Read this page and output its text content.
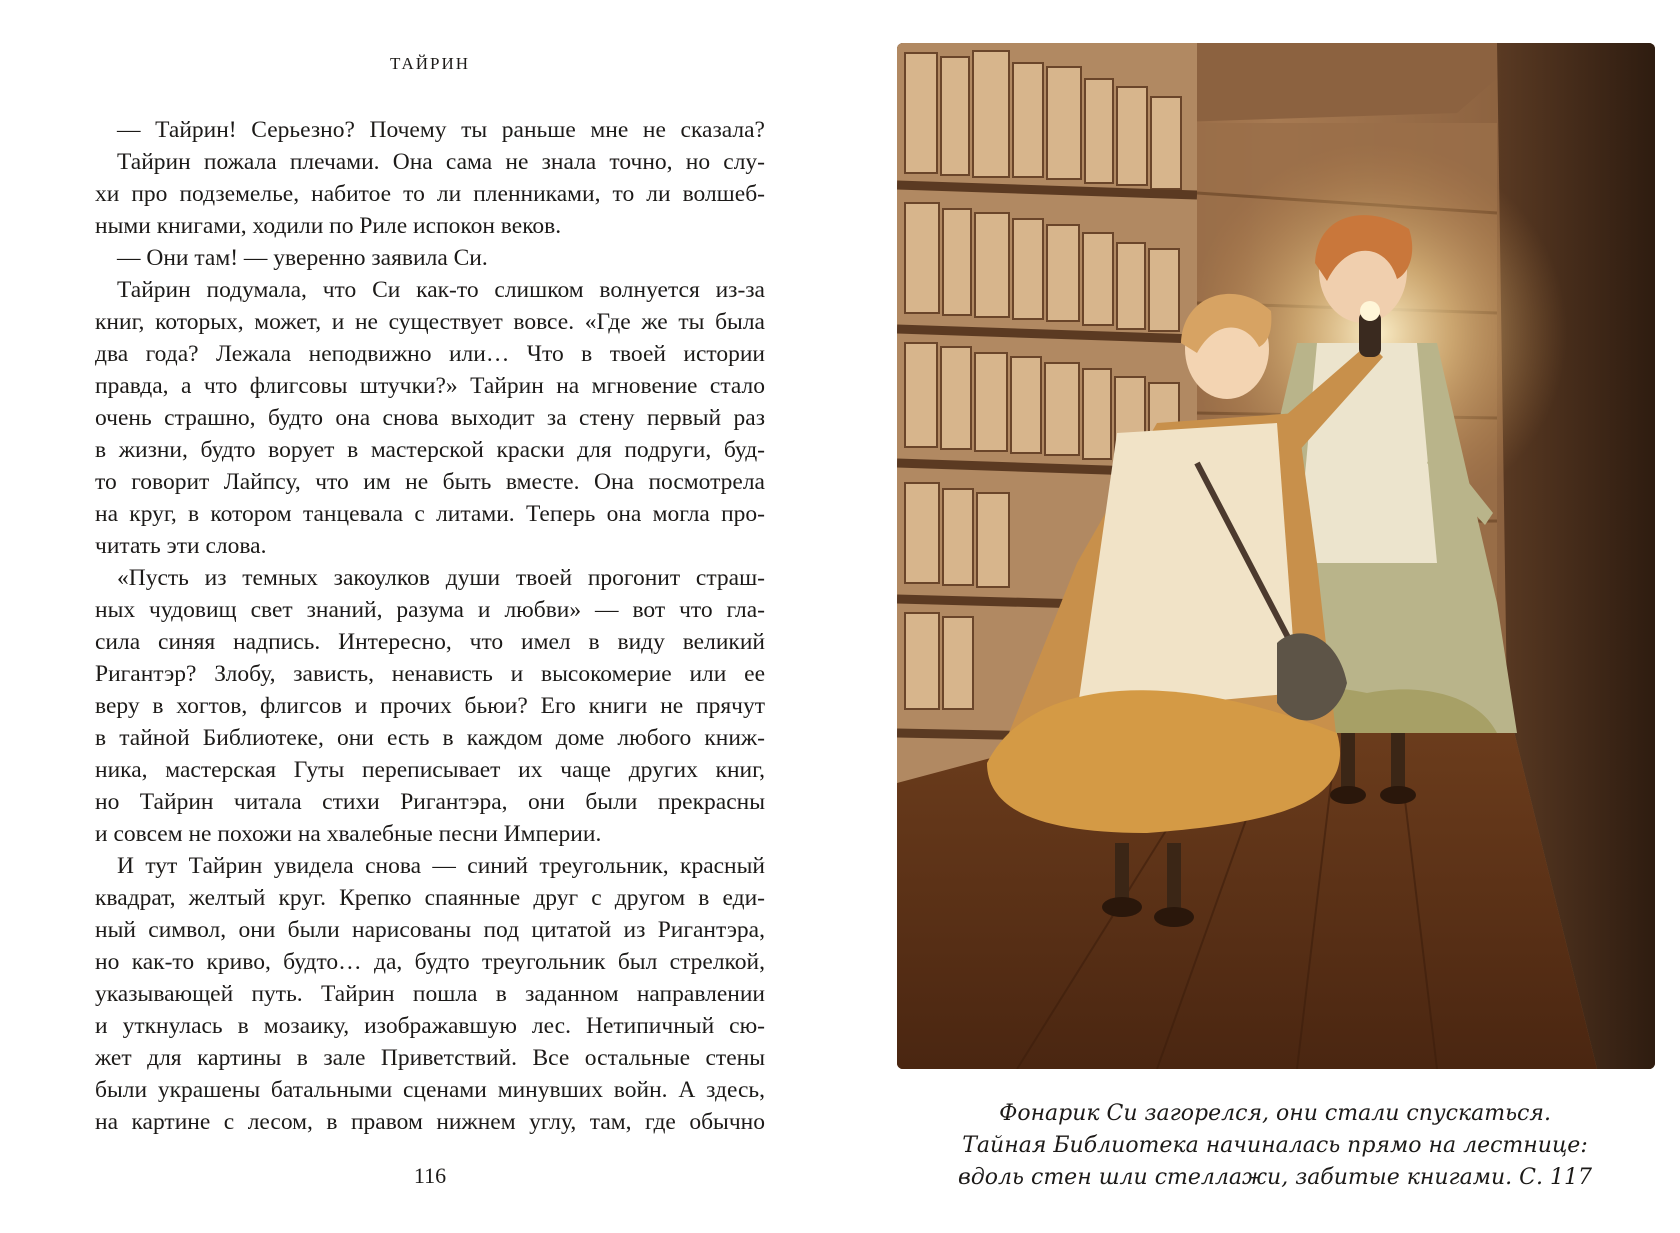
ТАЙРИН
— Тайрин! Серьезно? Почему ты раньше мне не сказала?
Тайрин пожала плечами. Она сама не знала точно, но слу-
хи про подземелье, набитое то ли пленниками, то ли волшеб-
ными книгами, ходили по Риле испокон веков.
— Они там! — уверенно заявила Си.
Тайрин подумала, что Си как-то слишком волнуется из-за
книг, которых, может, и не существует вовсе. «Где же ты была
два года? Лежала неподвижно или… Что в твоей истории
правда, а что флигсовы штучки?» Тайрин на мгновение стало
очень страшно, будто она снова выходит за стену первый раз
в жизни, будто ворует в мастерской краски для подруги, буд-
то говорит Лайпсу, что им не быть вместе. Она посмотрела
на круг, в котором танцевала с литами. Теперь она могла про-
читать эти слова.
«Пусть из темных закоулков души твоей прогонит страш-
ных чудовищ свет знаний, разума и любви» — вот что гла-
сила синяя надпись. Интересно, что имел в виду великий
Ригантэр? Злобу, зависть, ненависть и высокомерие или ее
веру в хогтов, флигсов и прочих бьюи? Его книги не прячут
в тайной Библиотеке, они есть в каждом доме любого книж-
ника, мастерская Гуты переписывает их чаще других книг,
но Тайрин читала стихи Ригантэра, они были прекрасны
и совсем не похожи на хвалебные песни Империи.
И тут Тайрин увидела снова — синий треугольник, красный
квадрат, желтый круг. Крепко спаянные друг с другом в еди-
ный символ, они были нарисованы под цитатой из Ригантэра,
но как-то криво, будто… да, будто треугольник был стрелкой,
указывающей путь. Тайрин пошла в заданном направлении
и уткнулась в мозаику, изображавшую лес. Нетипичный сю-
жет для картины в зале Приветствий. Все остальные стены
были украшены батальными сценами минувших войн. А здесь,
на картине с лесом, в правом нижнем углу, там, где обычно
116
Фонарик Си загорелся, они стали спускаться.
Тайная Библиотека начиналась прямо на лестнице:
вдоль стен шли стеллажи, забитые книгами. С. 117
